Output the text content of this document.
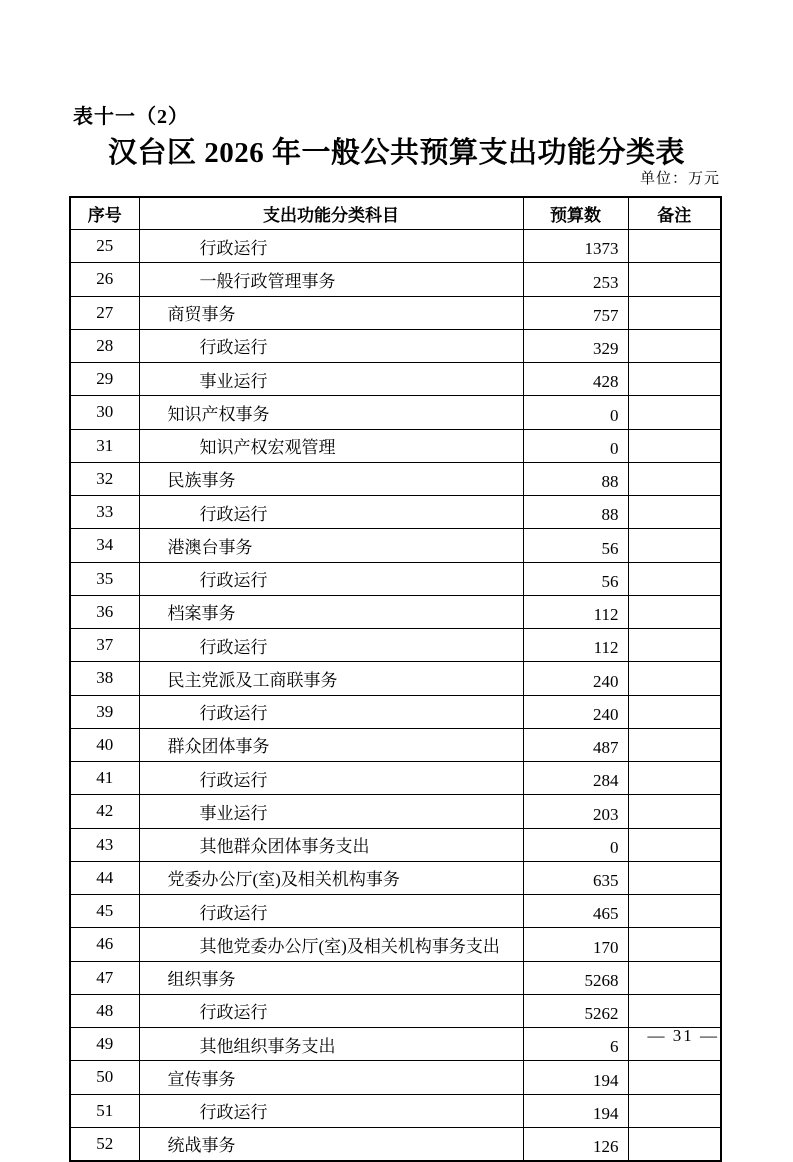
表十一（2）
汉台区 2026 年一般公共预算支出功能分类表
单位：万元
序号	支出功能分类科目	预算数	备注
25	行政运行	1373	
26	一般行政管理事务	253	
27	商贸事务	757	
28	行政运行	329	
29	事业运行	428	
30	知识产权事务	0	
31	知识产权宏观管理	0	
32	民族事务	88	
33	行政运行	88	
34	港澳台事务	56	
35	行政运行	56	
36	档案事务	112	
37	行政运行	112	
38	民主党派及工商联事务	240	
39	行政运行	240	
40	群众团体事务	487	
41	行政运行	284	
42	事业运行	203	
43	其他群众团体事务支出	0	
44	党委办公厅(室)及相关机构事务	635	
45	行政运行	465	
46	其他党委办公厅(室)及相关机构事务支出	170	
47	组织事务	5268	
48	行政运行	5262	
49	其他组织事务支出	6	
50	宣传事务	194	
51	行政运行	194	
52	统战事务	126	
— 31 —
